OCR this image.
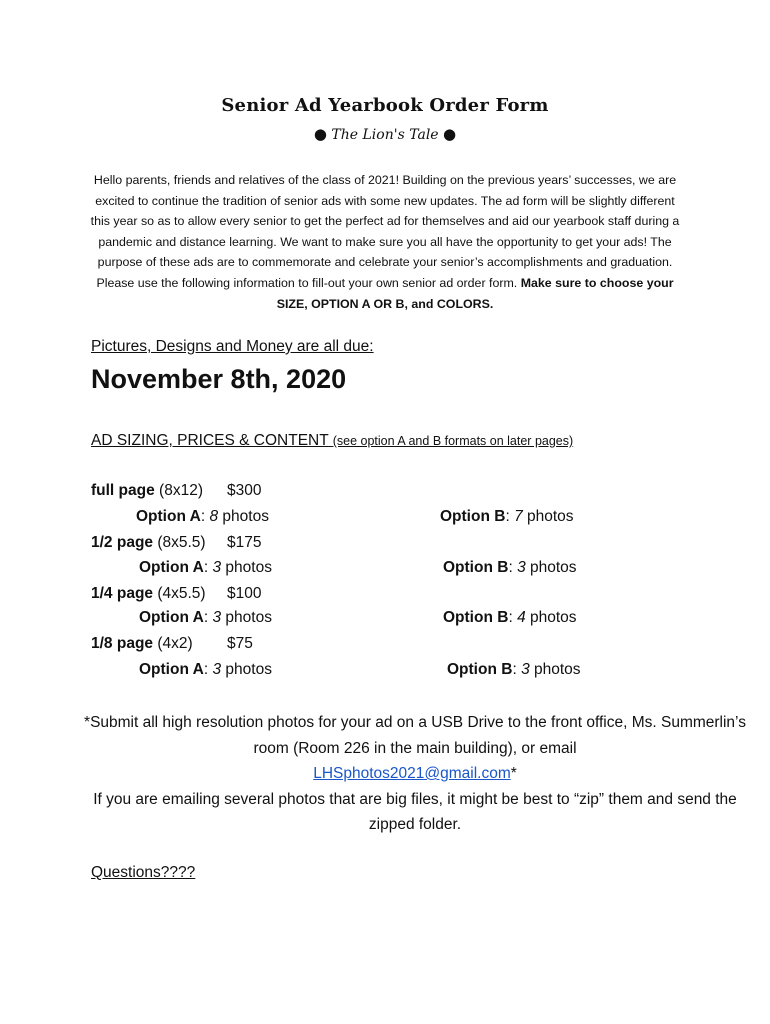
Senior Ad Yearbook Order Form
● The Lion's Tale ●
Hello parents, friends and relatives of the class of 2021! Building on the previous years’ successes, we are excited to continue the tradition of senior ads with some new updates. The ad form will be slightly different this year so as to allow every senior to get the perfect ad for themselves and aid our yearbook staff during a pandemic and distance learning. We want to make sure you all have the opportunity to get your ads! The purpose of these ads are to commemorate and celebrate your senior’s accomplishments and graduation. Please use the following information to fill-out your own senior ad order form. Make sure to choose your SIZE, OPTION A OR B, and COLORS.
Pictures, Designs and Money are all due:
November 8th, 2020
AD SIZING, PRICES & CONTENT (see option A and B formats on later pages)
full page (8x12) $300
Option A: 8 photos	Option B: 7 photos
1/2 page (8x5.5) $175
Option A: 3 photos	Option B: 3 photos
1/4 page (4x5.5) $100
Option A: 3 photos	Option B: 4 photos
1/8 page (4x2) $75
Option A: 3 photos	Option B: 3 photos
*Submit all high resolution photos for your ad on a USB Drive to the front office, Ms. Summerlin’s room (Room 226 in the main building), or email
LHSphotos2021@gmail.com*
If you are emailing several photos that are big files, it might be best to “zip” them and send the zipped folder.
Questions????
